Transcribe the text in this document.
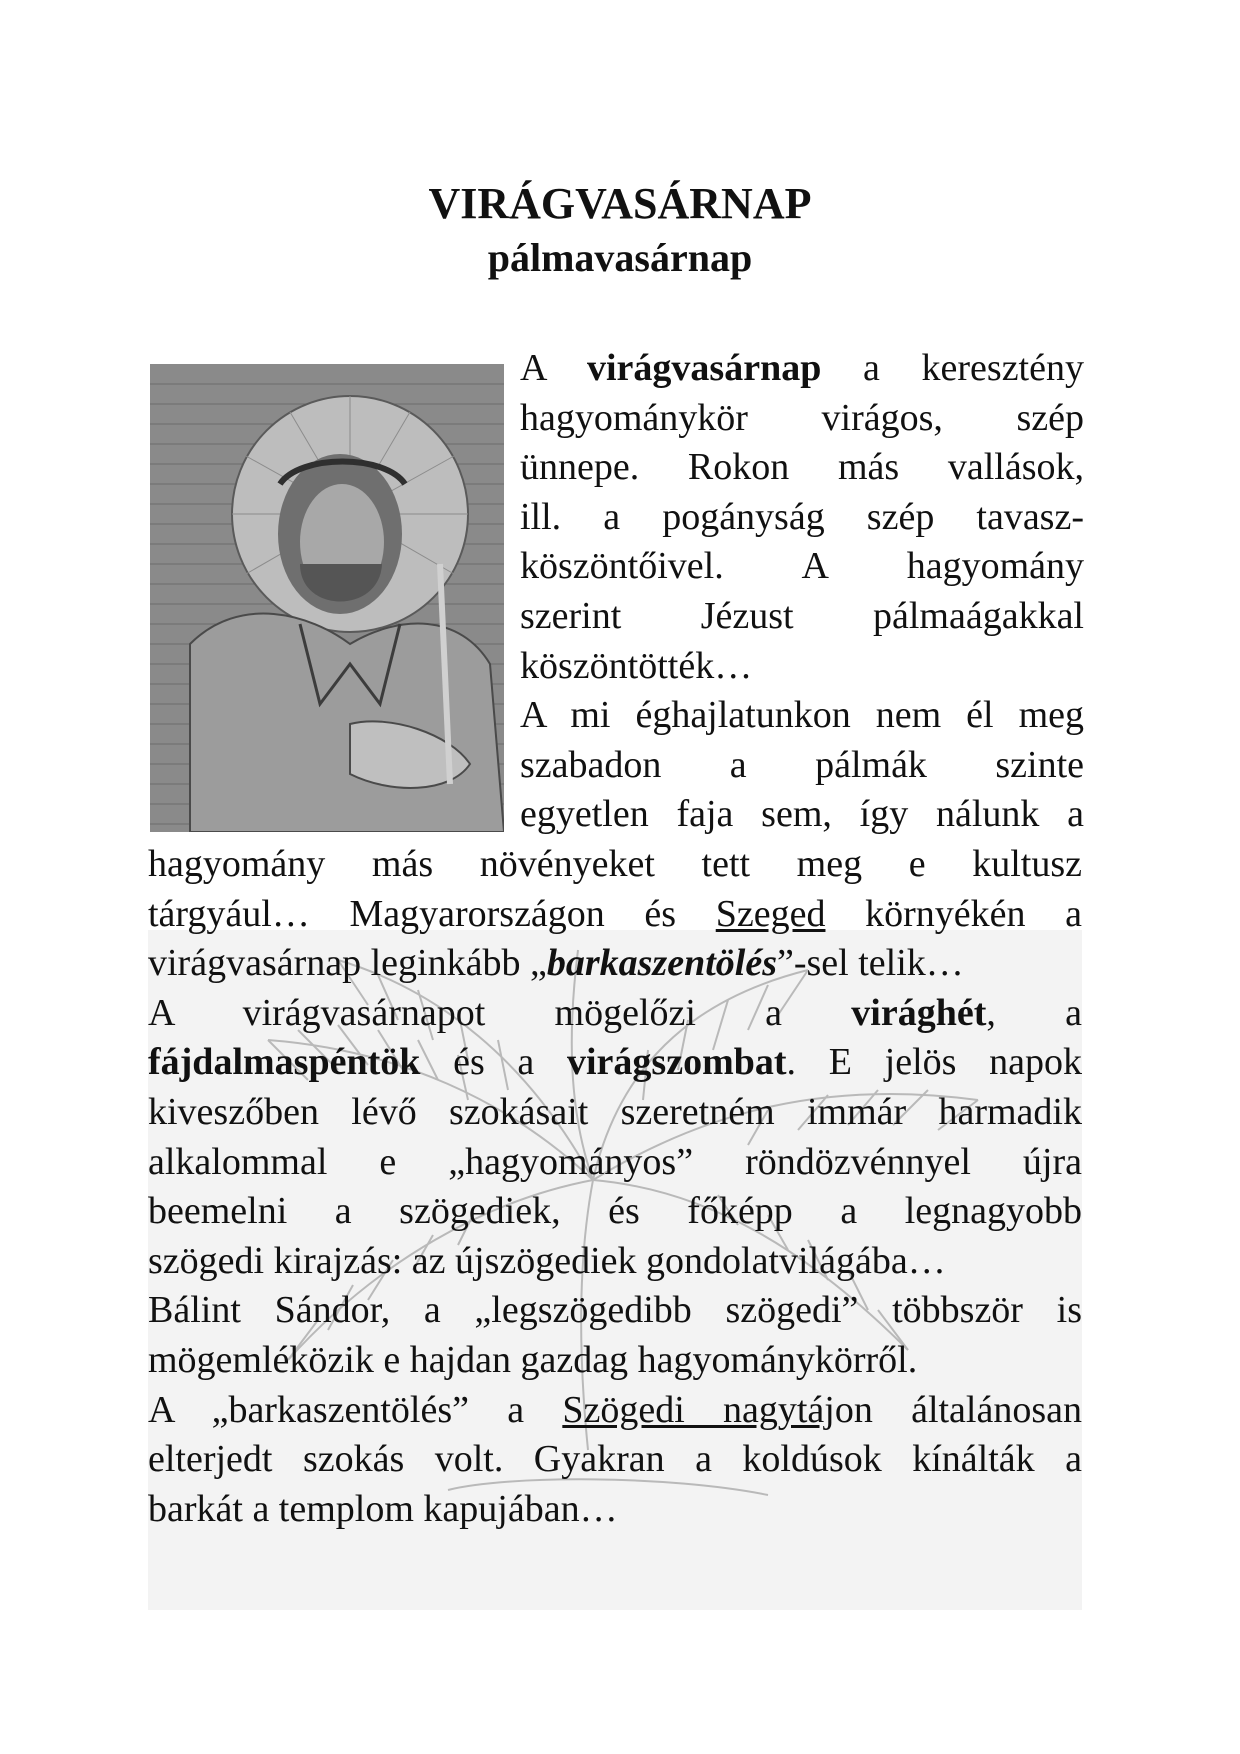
VIRÁGVASÁRNAP
pálmavasárnap
A virágvasárnap a keresztény
hagyománykör virágos, szép
ünnepe. Rokon más vallások,
ill. a pogányság szép tavasz-
köszöntőivel. A hagyomány
szerint Jézust pálmaágakkal
köszöntötték…
A mi éghajlatunkon nem él meg
szabadon a pálmák szinte
egyetlen faja sem, így nálunk a
hagyomány más növényeket tett meg e kultusz
tárgyául… Magyarországon és Szeged környékén a
virágvasárnap leginkább „barkaszentölés”-sel telik…
A virágvasárnapot mögelőzi a virághét, a
fájdalmaspéntök és a virágszombat. E jelös napok
kiveszőben lévő szokásait szeretném immár harmadik
alkalommal e „hagyományos” röndözvénnyel újra
beemelni a szögediek, és főképp a legnagyobb
szögedi kirajzás: az újszögediek gondolatvilágába…
Bálint Sándor, a „legszögedibb szögedi” többször is
mögemléközik e hajdan gazdag hagyománykörről.
A „barkaszentölés” a Szögedi nagytájon általánosan
elterjedt szokás volt. Gyakran a koldúsok kínálták a
barkát a templom kapujában…
